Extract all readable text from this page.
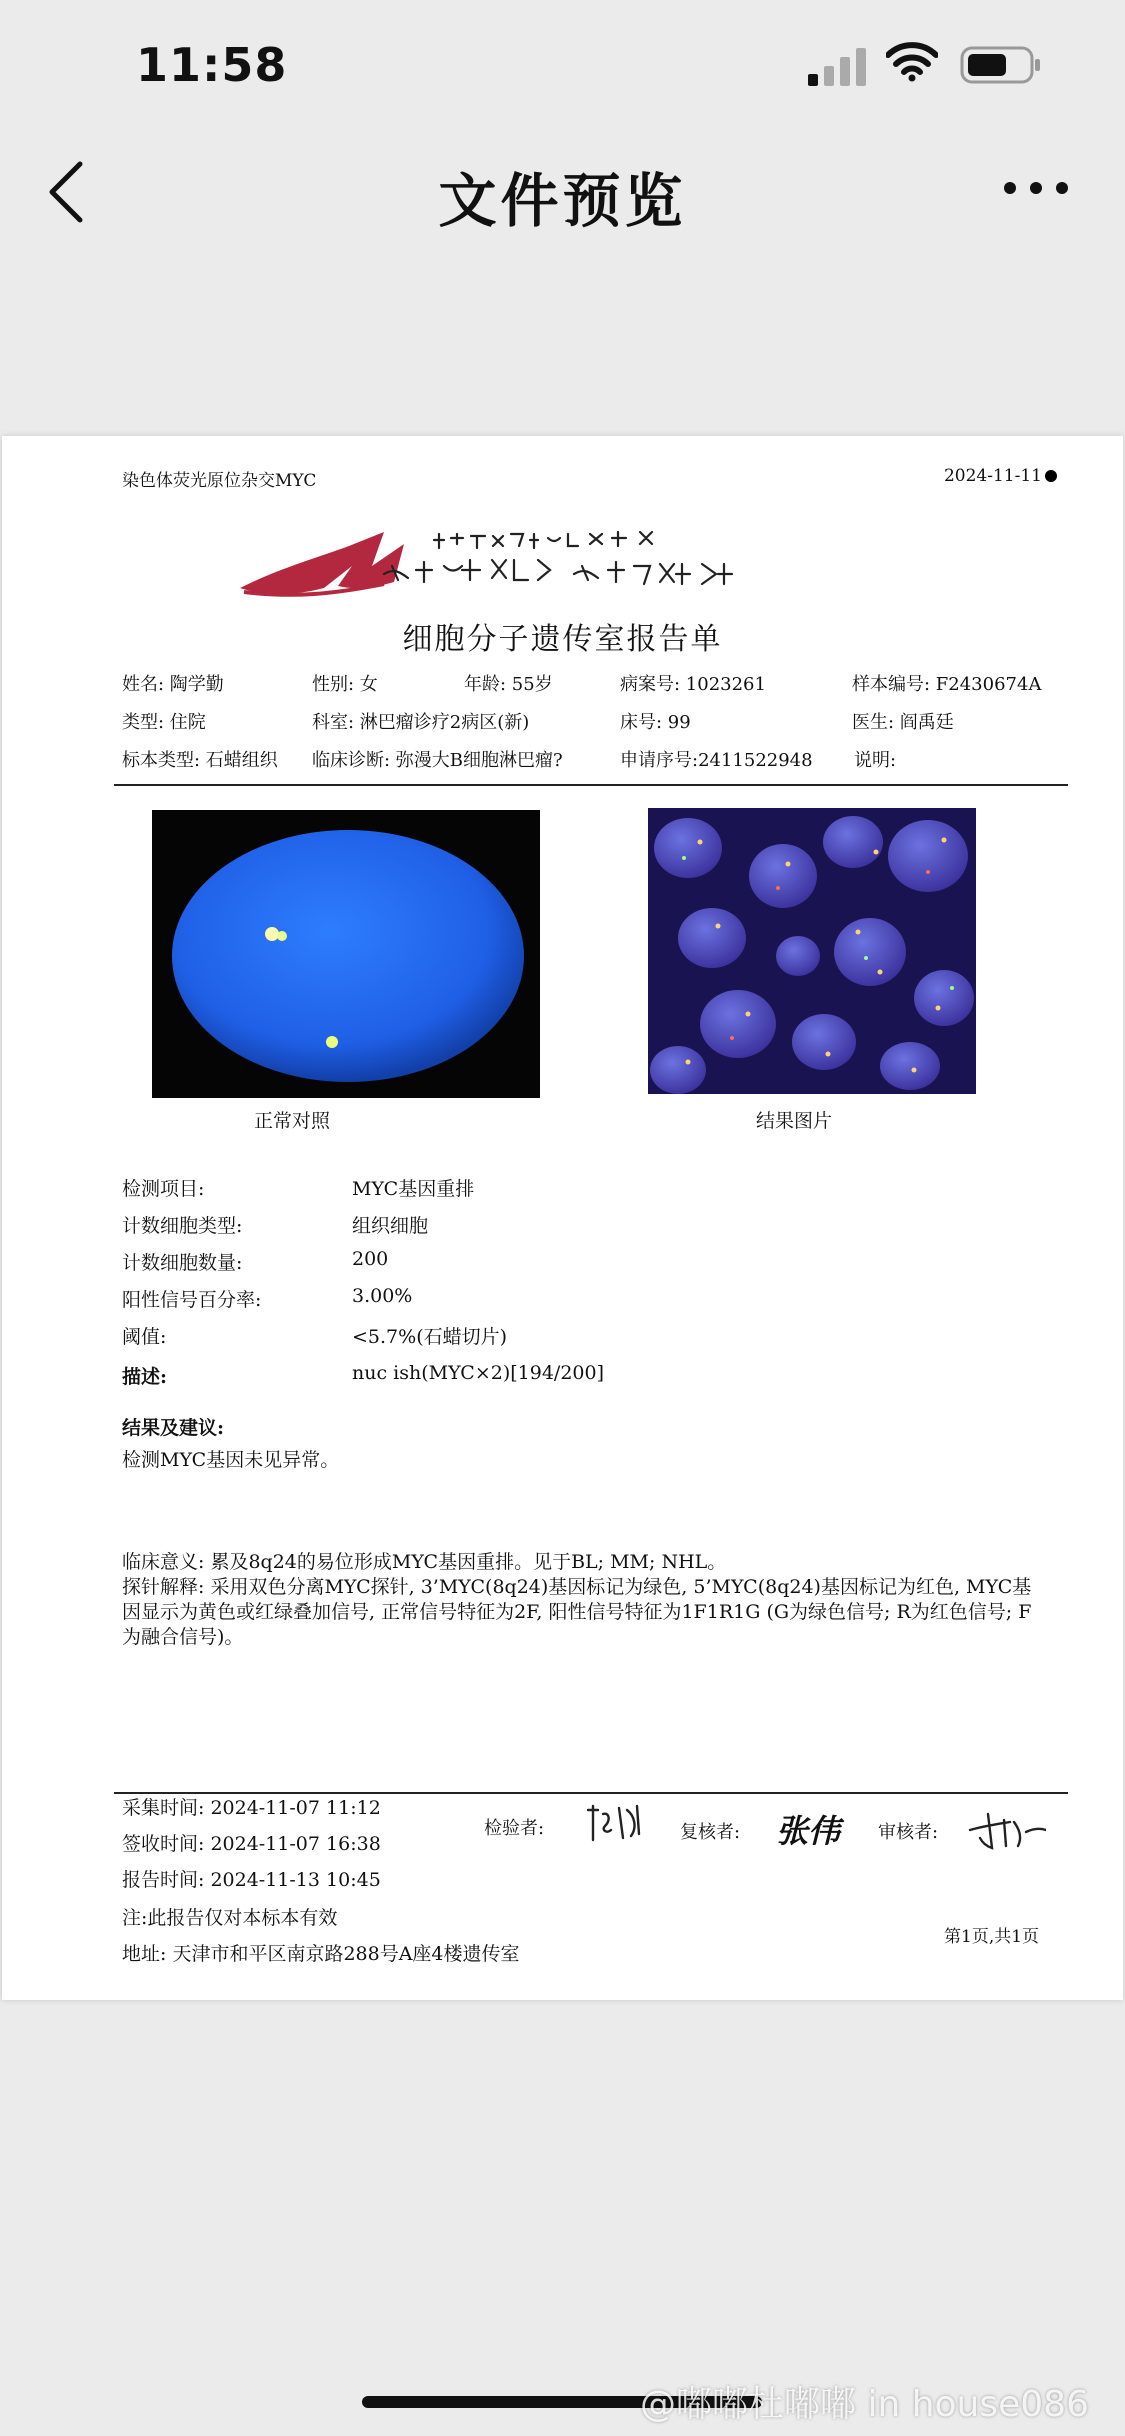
11:58
文件预览
染色体荧光原位杂交MYC	2024-11-11
细胞分子遗传室报告单
姓名: 陶学勤	性别: 女	年龄: 55岁	病案号: 1023261	样本编号: F2430674A
类型: 住院	科室: 淋巴瘤诊疗2病区(新)	床号: 99	医生: 阎禹廷
标本类型: 石蜡组织 临床诊断: 弥漫大B细胞淋巴瘤?	申请序号:2411522948 说明:
正常对照	结果图片
检测项目:	MYC基因重排
计数细胞类型:	组织细胞
计数细胞数量:	200
阳性信号百分率:	3.00%
阈值:	<5.7%(石蜡切片)
描述:	nuc ish(MYC×2)[194/200]
结果及建议:
检测MYC基因未见异常。
临床意义: 累及8q24的易位形成MYC基因重排。见于BL; MM; NHL。
探针解释: 采用双色分离MYC探针, 3’MYC(8q24)基因标记为绿色, 5’MYC(8q24)基因标记为红色, MYC基因显示为黄色或红绿叠加信号, 正常信号特征为2F, 阳性信号特征为1F1R1G (G为绿色信号; R为红色信号; F为融合信号)。
采集时间: 2024-11-07 11:12
签收时间: 2024-11-07 16:38
报告时间: 2024-11-13 10:45
注:此报告仅对本标本有效
地址: 天津市和平区南京路288号A座4楼遗传室
检验者:	复核者: 张伟 审核者:
第1页,共1页
@嘟嘟杜嘟嘟 in house086
